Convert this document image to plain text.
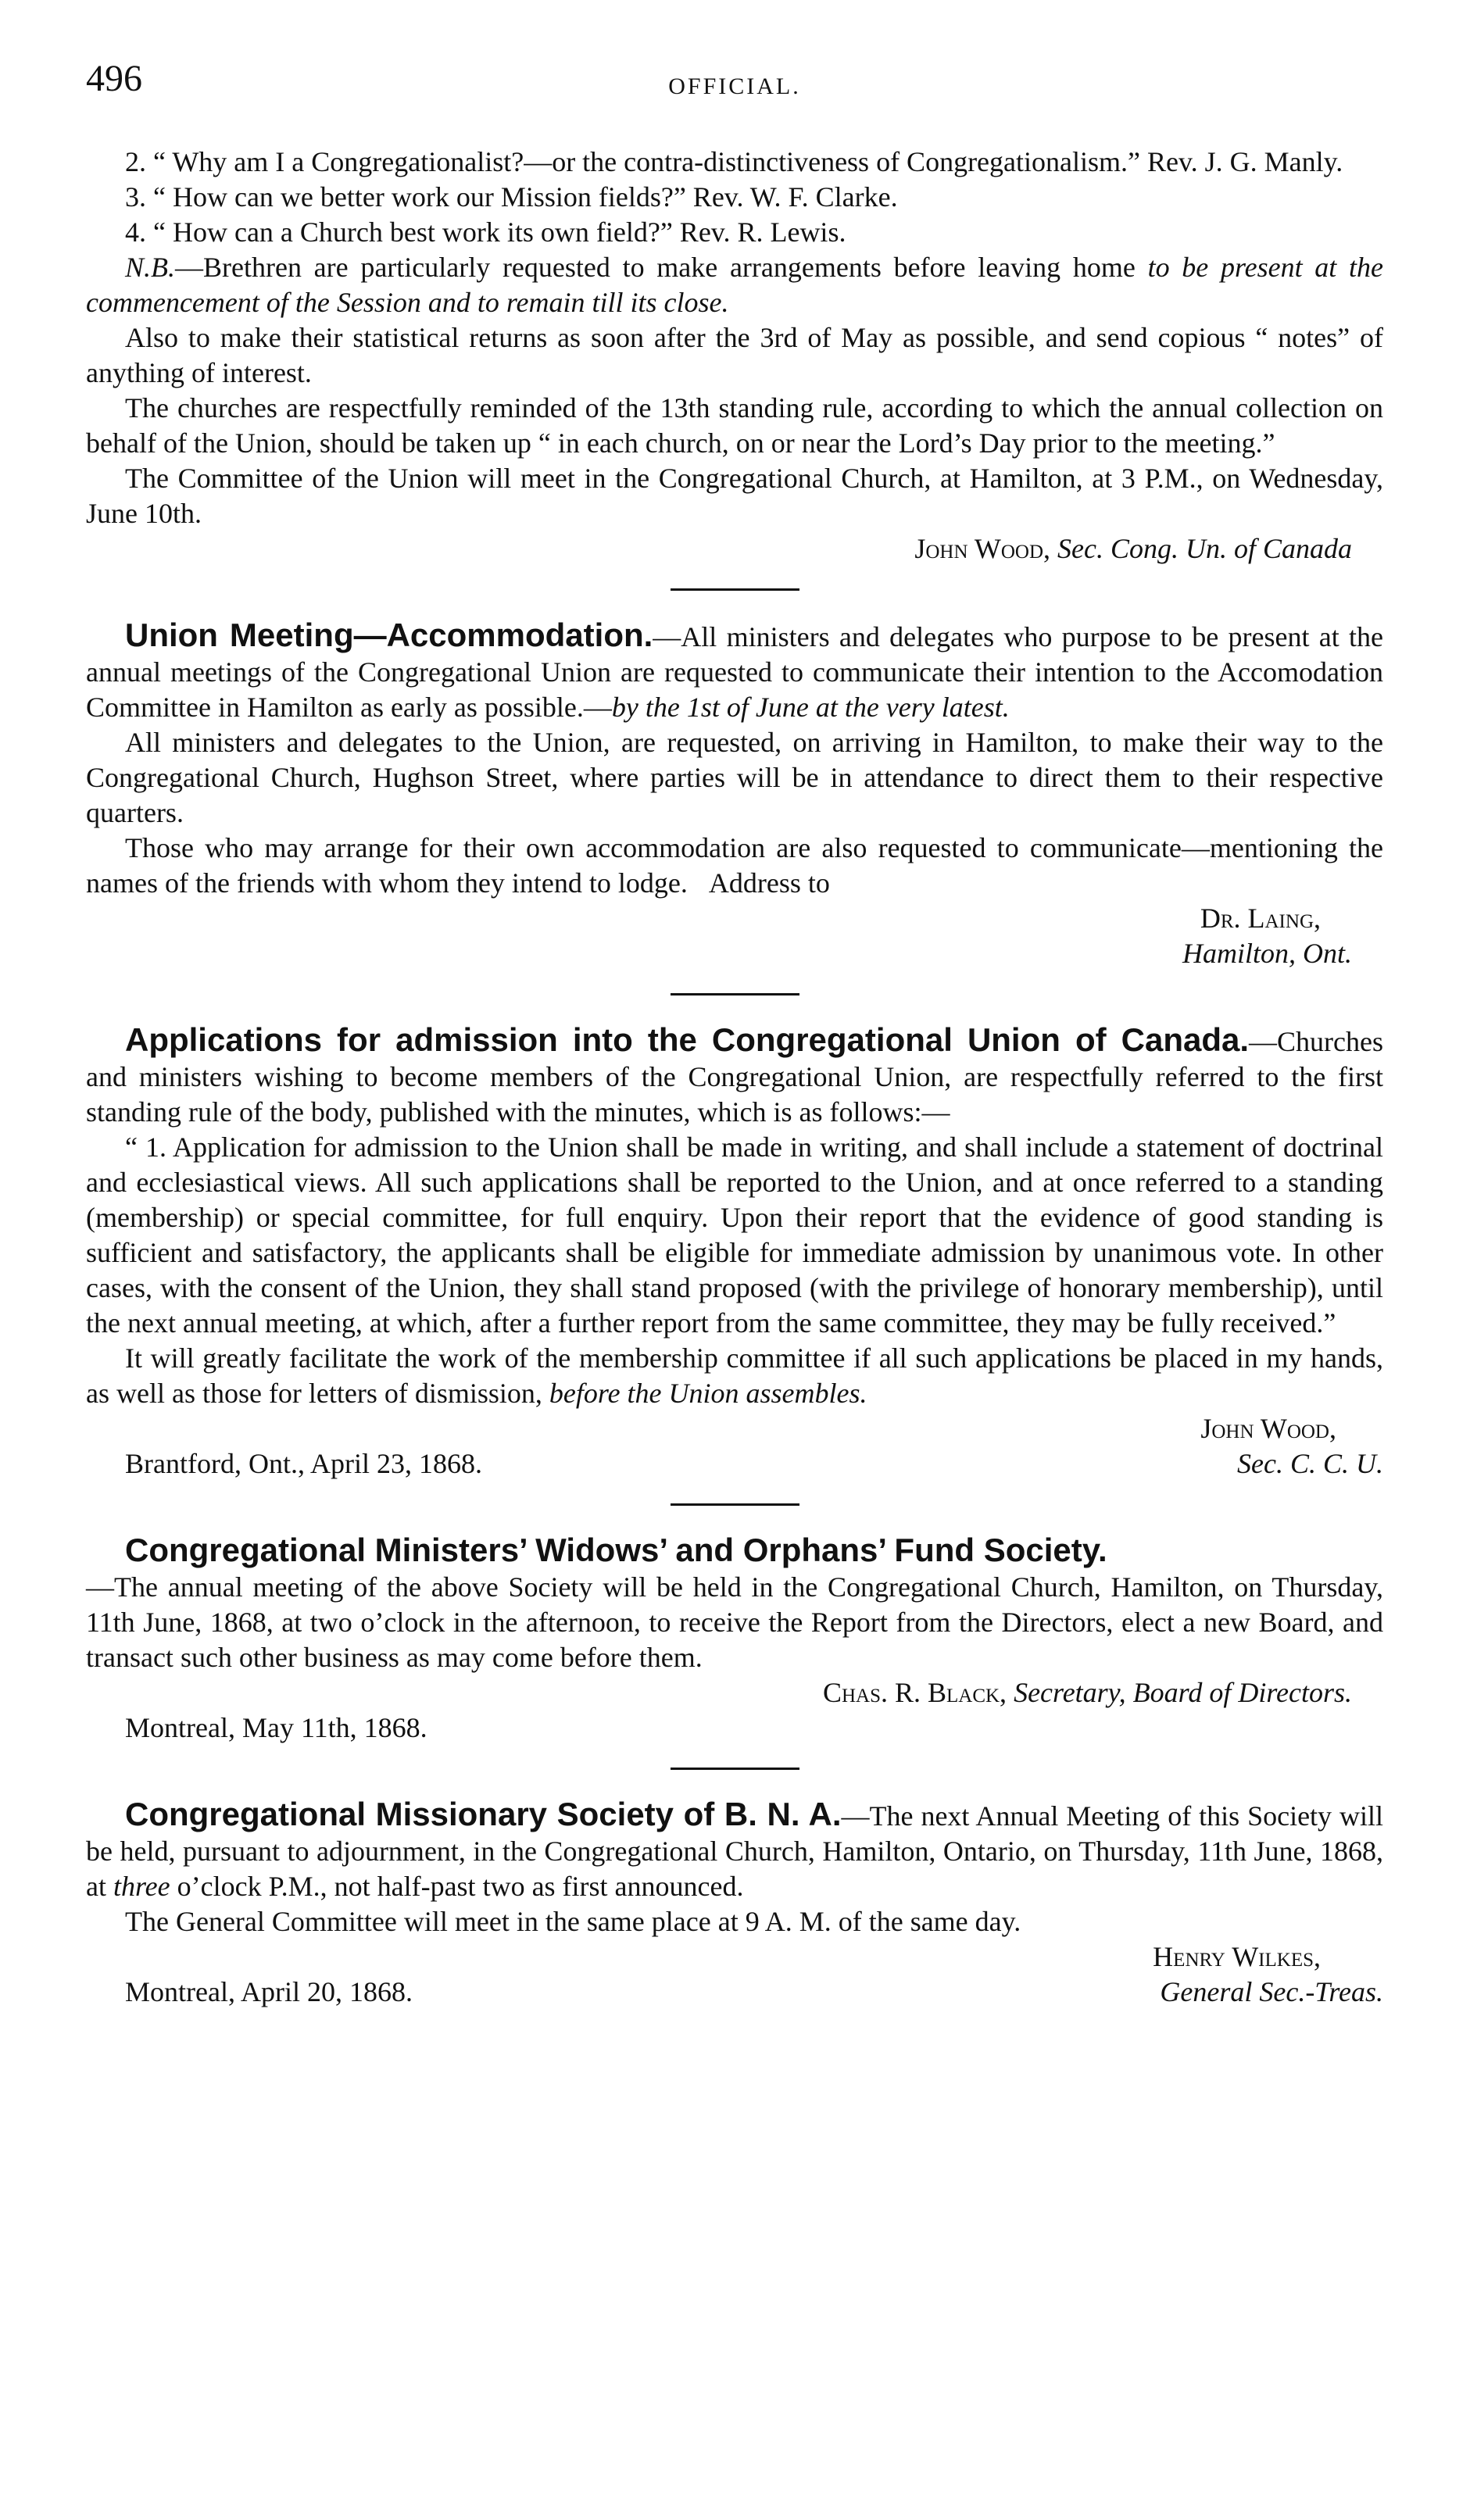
496	OFFICIAL.

2. “ Why am I a Congregationalist?—or the contra-distinctiveness of Congregationalism.” Rev. J. G. Manly.

3. “ How can we better work our Mission fields?” Rev. W. F. Clarke.

4. “ How can a Church best work its own field?” Rev. R. Lewis.

N.B.—Brethren are particularly requested to make arrangements before leaving home to be present at the commencement of the Session and to remain till its close.

Also to make their statistical returns as soon after the 3rd of May as possible, and send copious “ notes” of anything of interest.

The churches are respectfully reminded of the 13th standing rule, according to which the annual collection on behalf of the Union, should be taken up “ in each church, on or near the Lord’s Day prior to the meeting.”

The Committee of the Union will meet in the Congregational Church, at Hamilton, at 3 P.M., on Wednesday, June 10th.

John Wood, Sec. Cong. Un. of Canada

Union Meeting—Accommodation.—All ministers and delegates who purpose to be present at the annual meetings of the Congregational Union are requested to communicate their intention to the Accomodation Committee in Hamilton as early as possible.—by the 1st of June at the very latest.

All ministers and delegates to the Union, are requested, on arriving in Hamilton, to make their way to the Congregational Church, Hughson Street, where parties will be in attendance to direct them to their respective quarters.

Those who may arrange for their own accommodation are also requested to communicate—mentioning the names of the friends with whom they intend to lodge. Address to

Dr. Laing,

Hamilton, Ont.

Applications for admission into the Congregational Union of Canada.—Churches and ministers wishing to become members of the Congregational Union, are respectfully referred to the first standing rule of the body, published with the minutes, which is as follows:—

“ 1. Application for admission to the Union shall be made in writing, and shall include a statement of doctrinal and ecclesiastical views. All such applications shall be reported to the Union, and at once referred to a standing (membership) or special committee, for full enquiry. Upon their report that the evidence of good standing is sufficient and satisfactory, the applicants shall be eligible for immediate admission by unanimous vote. In other cases, with the consent of the Union, they shall stand proposed (with the privilege of honorary membership), until the next annual meeting, at which, after a further report from the same committee, they may be fully received.”

It will greatly facilitate the work of the membership committee if all such applications be placed in my hands, as well as those for letters of dismission, before the Union assembles.

John Wood,

Brantford, Ont., April 23, 1868.	Sec. C. C. U.

Congregational Ministers’ Widows’ and Orphans’ Fund Society.

—The annual meeting of the above Society will be held in the Congregational Church, Hamilton, on Thursday, 11th June, 1868, at two o’clock in the afternoon, to receive the Report from the Directors, elect a new Board, and transact such other business as may come before them.

Chas. R. Black, Secretary, Board of Directors.

Montreal, May 11th, 1868.

Congregational Missionary Society of B. N. A.—The next Annual Meeting of this Society will be held, pursuant to adjournment, in the Congregational Church, Hamilton, Ontario, on Thursday, 11th June, 1868, at three o’clock P.M., not half-past two as first announced.

The General Committee will meet in the same place at 9 A. M. of the same day.

Henry Wilkes,

Montreal, April 20, 1868.	General Sec.-Treas.
